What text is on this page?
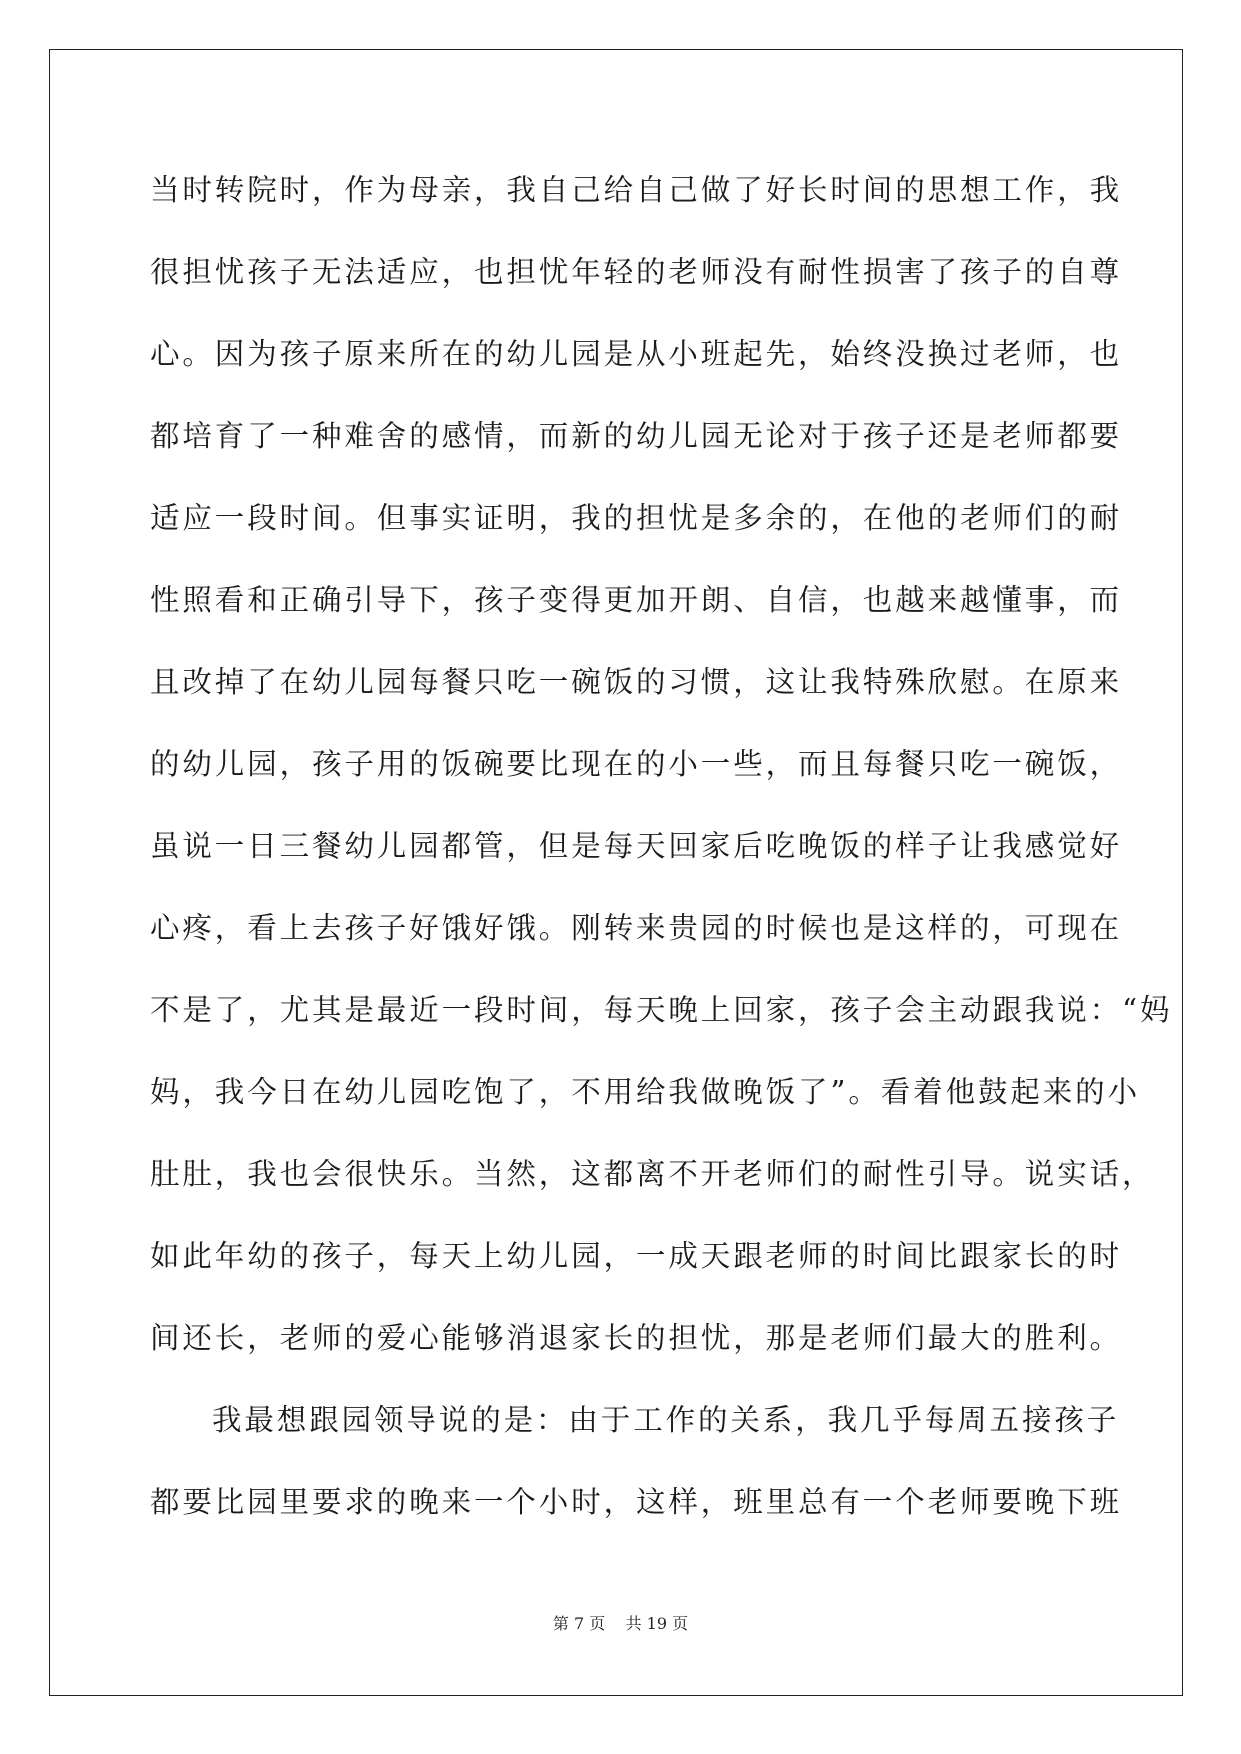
当时转院时，作为母亲，我自己给自己做了好长时间的思想工作，我
很担忧孩子无法适应，也担忧年轻的老师没有耐性损害了孩子的自尊
心。因为孩子原来所在的幼儿园是从小班起先，始终没换过老师，也
都培育了一种难舍的感情，而新的幼儿园无论对于孩子还是老师都要
适应一段时间。但事实证明，我的担忧是多余的，在他的老师们的耐
性照看和正确引导下，孩子变得更加开朗、自信，也越来越懂事，而
且改掉了在幼儿园每餐只吃一碗饭的习惯，这让我特殊欣慰。在原来
的幼儿园，孩子用的饭碗要比现在的小一些，而且每餐只吃一碗饭，
虽说一日三餐幼儿园都管，但是每天回家后吃晚饭的样子让我感觉好
心疼，看上去孩子好饿好饿。刚转来贵园的时候也是这样的，可现在
不是了，尤其是最近一段时间，每天晚上回家，孩子会主动跟我说：“妈
妈，我今日在幼儿园吃饱了，不用给我做晚饭了”。看着他鼓起来的小
肚肚，我也会很快乐。当然，这都离不开老师们的耐性引导。说实话，
如此年幼的孩子，每天上幼儿园，一成天跟老师的时间比跟家长的时
间还长，老师的爱心能够消退家长的担忧，那是老师们最大的胜利。
我最想跟园领导说的是：由于工作的关系，我几乎每周五接孩子
都要比园里要求的晚来一个小时，这样，班里总有一个老师要晚下班
第 7 页 共 19 页
